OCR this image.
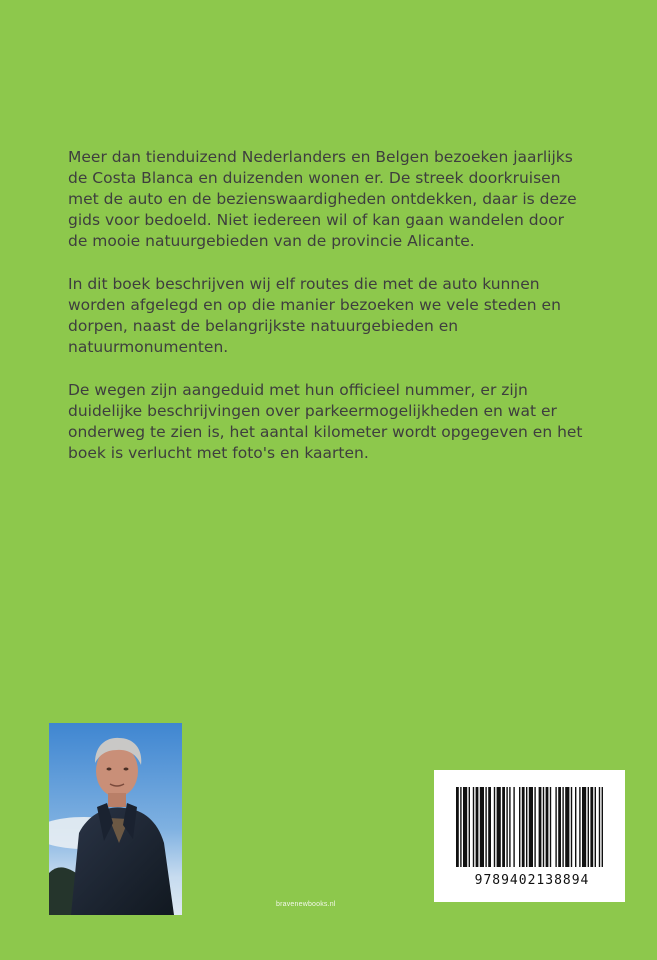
Meer dan tienduizend Nederlanders en Belgen bezoeken jaarlijks de Costa Blanca en duizenden wonen er. De streek doorkruisen met de auto en de bezienswaardigheden ontdekken, daar is deze gids voor bedoeld. Niet iedereen wil of kan gaan wandelen door de mooie natuurgebieden van de provincie Alicante.

In dit boek beschrijven wij elf routes die met de auto kunnen worden afgelegd en op die manier bezoeken we vele steden en dorpen, naast de belangrijkste natuurgebieden en natuurmonumenten.

De wegen zijn aangeduid met hun officieel nummer, er zijn duidelijke beschrijvingen over parkeermogelijkheden en wat er onderweg te zien is, het aantal kilometer wordt opgegeven en het boek is verlucht met foto's en kaarten.

bravenewbooks.nl
9789402138894
